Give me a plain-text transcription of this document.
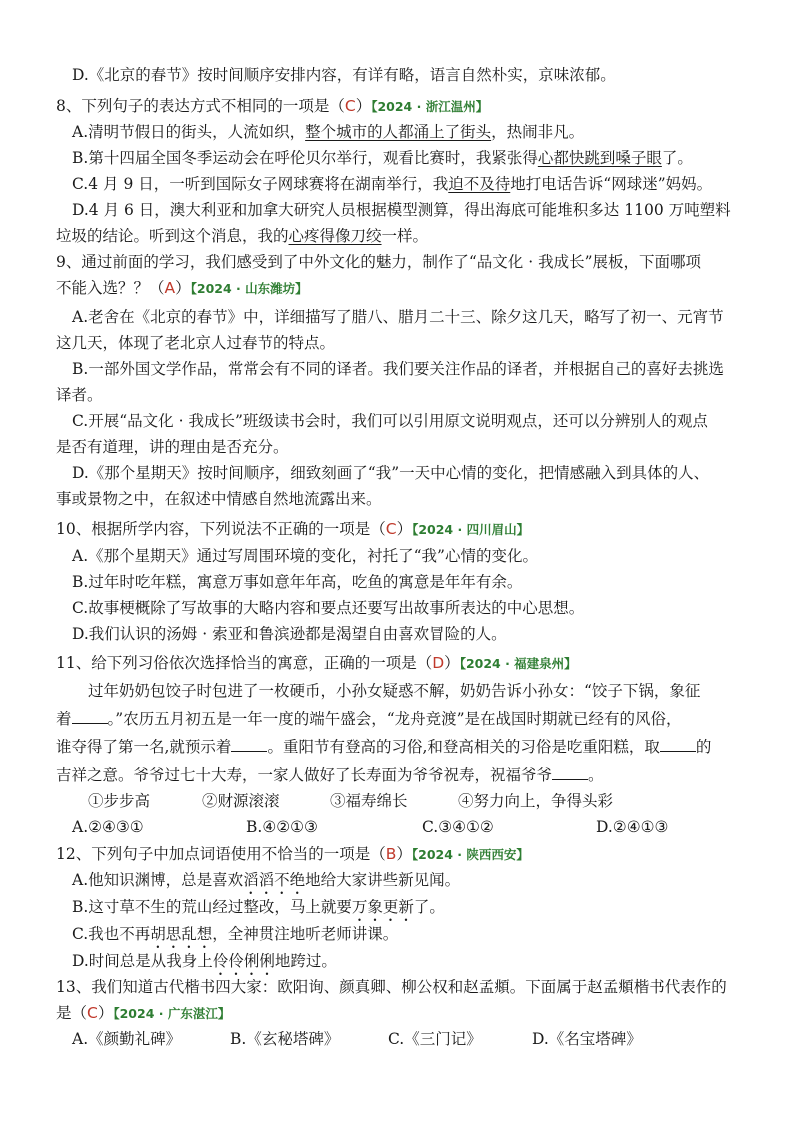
D.《北京的春节》按时间顺序安排内容，有详有略，语言自然朴实，京味浓郁。
8、下列句子的表达方式不相同的一项是（C）【2024 · 浙江温州】
A.清明节假日的街头，人流如织，整个城市的人都涌上了街头，热闹非凡。
B.第十四届全国冬季运动会在呼伦贝尔举行，观看比赛时，我紧张得心都快跳到嗓子眼了。
C.4 月 9 日，一听到国际女子网球赛将在湖南举行，我迫不及待地打电话告诉“网球迷”妈妈。
D.4 月 6 日，澳大利亚和加拿大研究人员根据模型测算，得出海底可能堆积多达 1100 万吨塑料
垃圾的结论。听到这个消息，我的心疼得像刀绞一样。
9、通过前面的学习，我们感受到了中外文化的魅力，制作了“品文化 · 我成长”展板，下面哪项
不能入选？？（A）【2024 · 山东潍坊】
A.老舍在《北京的春节》中，详细描写了腊八、腊月二十三、除夕这几天，略写了初一、元宵节
这几天，体现了老北京人过春节的特点。
B.一部外国文学作品，常常会有不同的译者。我们要关注作品的译者，并根据自己的喜好去挑选
译者。
C.开展“品文化 · 我成长”班级读书会时，我们可以引用原文说明观点，还可以分辨别人的观点
是否有道理，讲的理由是否充分。
D.《那个星期天》按时间顺序，细致刻画了“我”一天中心情的变化，把情感融入到具体的人、
事或景物之中，在叙述中情感自然地流露出来。
10、根据所学内容，下列说法不正确的一项是（C）【2024 · 四川眉山】
A.《那个星期天》通过写周围环境的变化，衬托了“我”心情的变化。
B.过年时吃年糕，寓意万事如意年年高，吃鱼的寓意是年年有余。
C.故事梗概除了写故事的大略内容和要点还要写出故事所表达的中心思想。
D.我们认识的汤姆 · 索亚和鲁滨逊都是渴望自由喜欢冒险的人。
11、给下列习俗依次选择恰当的寓意，正确的一项是（D）【2024 · 福建泉州】
过年奶奶包饺子时包进了一枚硬币，小孙女疑惑不解，奶奶告诉小孙女：“饺子下锅，象征
着 。”农历五月初五是一年一度的端午盛会，“龙舟竞渡”是在战国时期就已经有的风俗，
谁夺得了第一名,就预示着 。重阳节有登高的习俗,和登高相关的习俗是吃重阳糕，取 的
吉祥之意。爷爷过七十大寿，一家人做好了长寿面为爷爷祝寿，祝福爷爷 。
①步步高	②财源滚滚	③福寿绵长	④努力向上，争得头彩
A.②④③①	B.④②①③	C.③④①②	D.②④①③
12、下列句子中加点词语使用不恰当的一项是（B）【2024 · 陕西西安】
A.他知识渊博，总是喜欢滔滔不绝地给大家讲些新见闻。
B.这寸草不生的荒山经过整改，马上就要万象更新了。
C.我也不再胡思乱想，全神贯注地听老师讲课。
D.时间总是从我身上伶伶俐俐地跨过。
13、我们知道古代楷书四大家：欧阳询、颜真卿、柳公权和赵孟頫。下面属于赵孟頫楷书代表作的
是（C）【2024 · 广东湛江】
A.《颜勤礼碑》	B.《玄秘塔碑》	C.《三门记》	D.《名宝塔碑》
